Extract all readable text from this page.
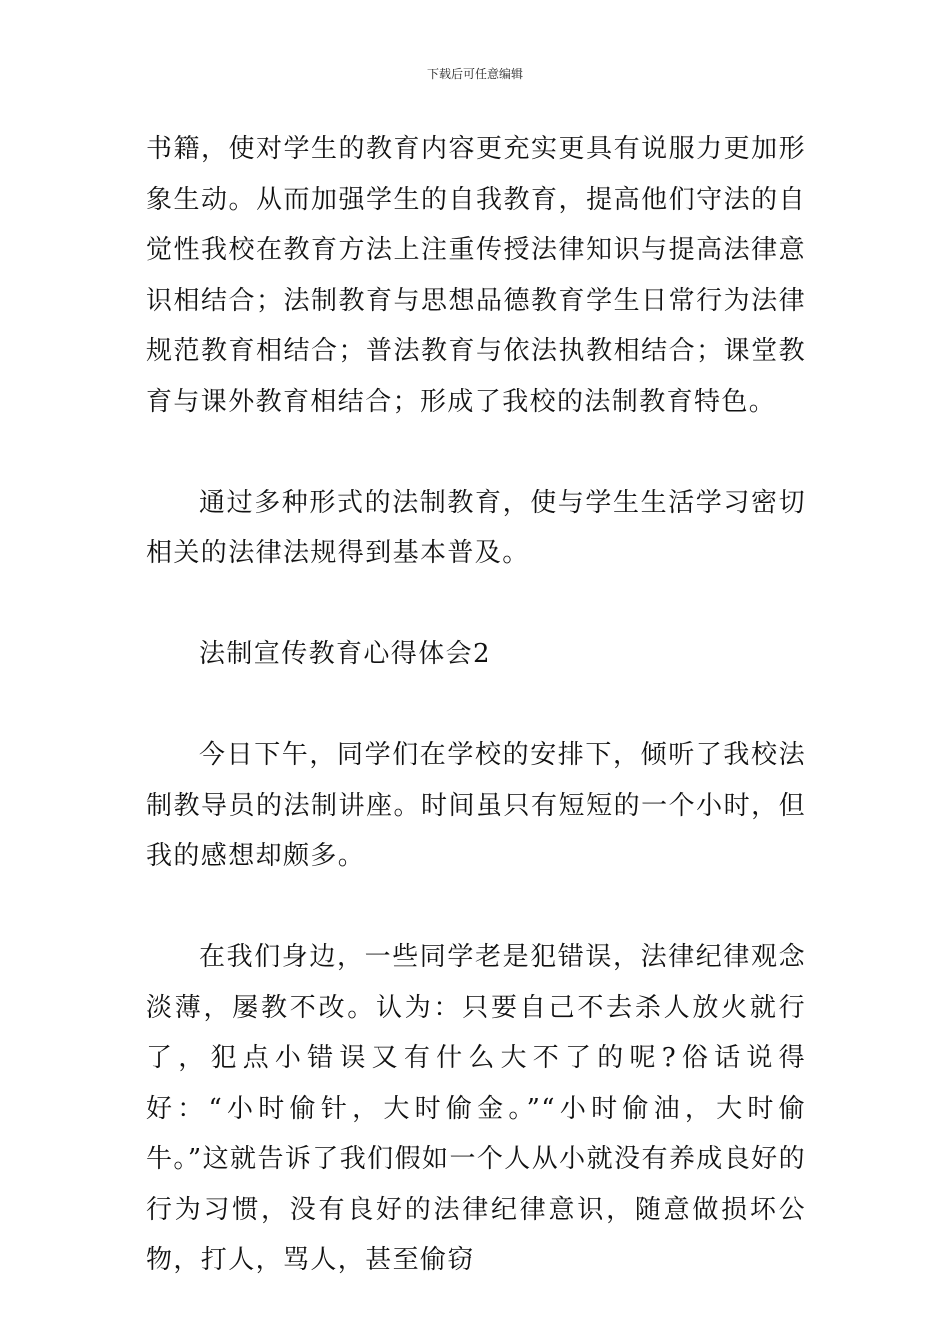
下载后可任意编辑

书籍，使对学生的教育内容更充实更具有说服力更加形象生动。从而加强学生的自我教育，提高他们守法的自觉性我校在教育方法上注重传授法律知识与提高法律意识相结合；法制教育与思想品德教育学生日常行为法律规范教育相结合；普法教育与依法执教相结合；课堂教育与课外教育相结合；形成了我校的法制教育特色。

通过多种形式的法制教育，使与学生生活学习密切相关的法律法规得到基本普及。

法制宣传教育心得体会2

今日下午，同学们在学校的安排下，倾听了我校法制教导员的法制讲座。时间虽只有短短的一个小时，但我的感想却颇多。

在我们身边，一些同学老是犯错误，法律纪律观念淡薄，屡教不改。认为：只要自己不去杀人放火就行了，犯点小错误又有什么大不了的呢?俗话说得好：“小时偷针，大时偷金。”“小时偷油，大时偷牛。”这就告诉了我们假如一个人从小就没有养成良好的行为习惯，没有良好的法律纪律意识，随意做损坏公物，打人，骂人，甚至偷窃
